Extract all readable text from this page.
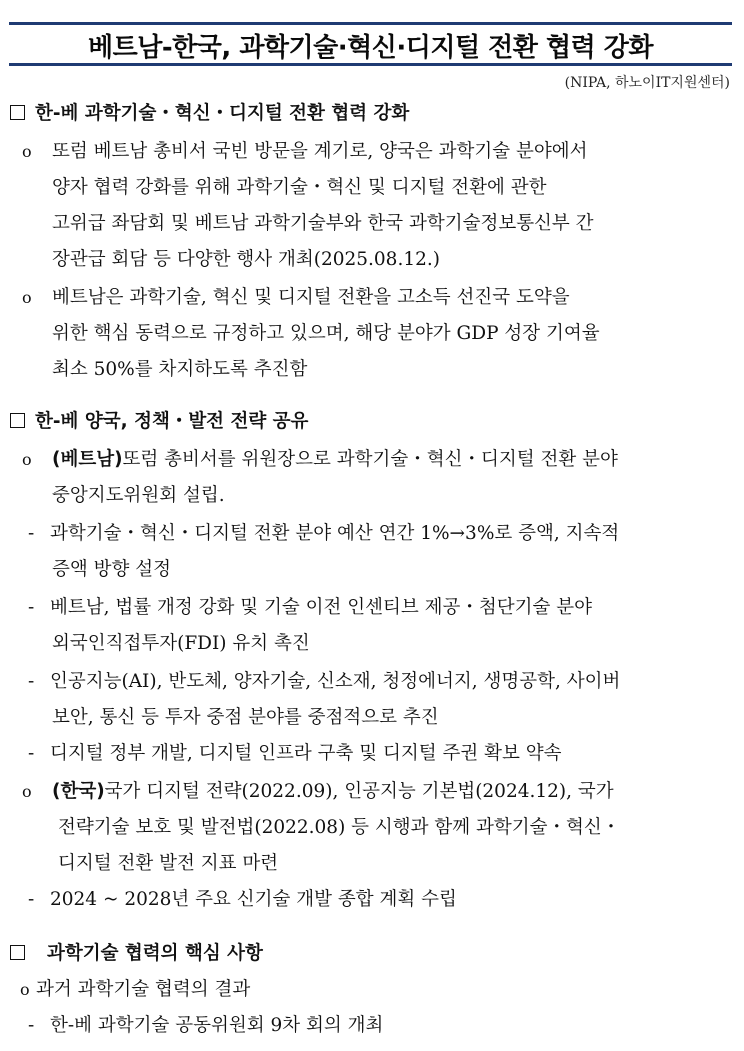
베트남-한국, 과학기술·혁신·디지털 전환 협력 강화
(NIPA, 하노이IT지원센터)
한-베 과학기술・혁신・디지털 전환 협력 강화
o 또럼 베트남 총비서 국빈 방문을 계기로, 양국은 과학기술 분야에서
양자 협력 강화를 위해 과학기술・혁신 및 디지털 전환에 관한
고위급 좌담회 및 베트남 과학기술부와 한국 과학기술정보통신부 간
장관급 회담 등 다양한 행사 개최(2025.08.12.)
o 베트남은 과학기술, 혁신 및 디지털 전환을 고소득 선진국 도약을
위한 핵심 동력으로 규정하고 있으며, 해당 분야가 GDP 성장 기여율
최소 50%를 차지하도록 추진함
한-베 양국, 정책・발전 전략 공유
o (베트남)또럼 총비서를 위원장으로 과학기술・혁신・디지털 전환 분야
중앙지도위원회 설립.
- 과학기술・혁신・디지털 전환 분야 예산 연간 1%→3%로 증액, 지속적
증액 방향 설정
- 베트남, 법률 개정 강화 및 기술 이전 인센티브 제공・첨단기술 분야
외국인직접투자(FDI) 유치 촉진
- 인공지능(AI), 반도체, 양자기술, 신소재, 청정에너지, 생명공학, 사이버
보안, 통신 등 투자 중점 분야를 중점적으로 추진
- 디지털 정부 개발, 디지털 인프라 구축 및 디지털 주권 확보 약속
o (한국)국가 디지털 전략(2022.09), 인공지능 기본법(2024.12), 국가
전략기술 보호 및 발전법(2022.08) 등 시행과 함께 과학기술・혁신・
디지털 전환 발전 지표 마련
- 2024 ~ 2028년 주요 신기술 개발 종합 계획 수립
과학기술 협력의 핵심 사항
o 과거 과학기술 협력의 결과
- 한-베 과학기술 공동위원회 9차 회의 개최
